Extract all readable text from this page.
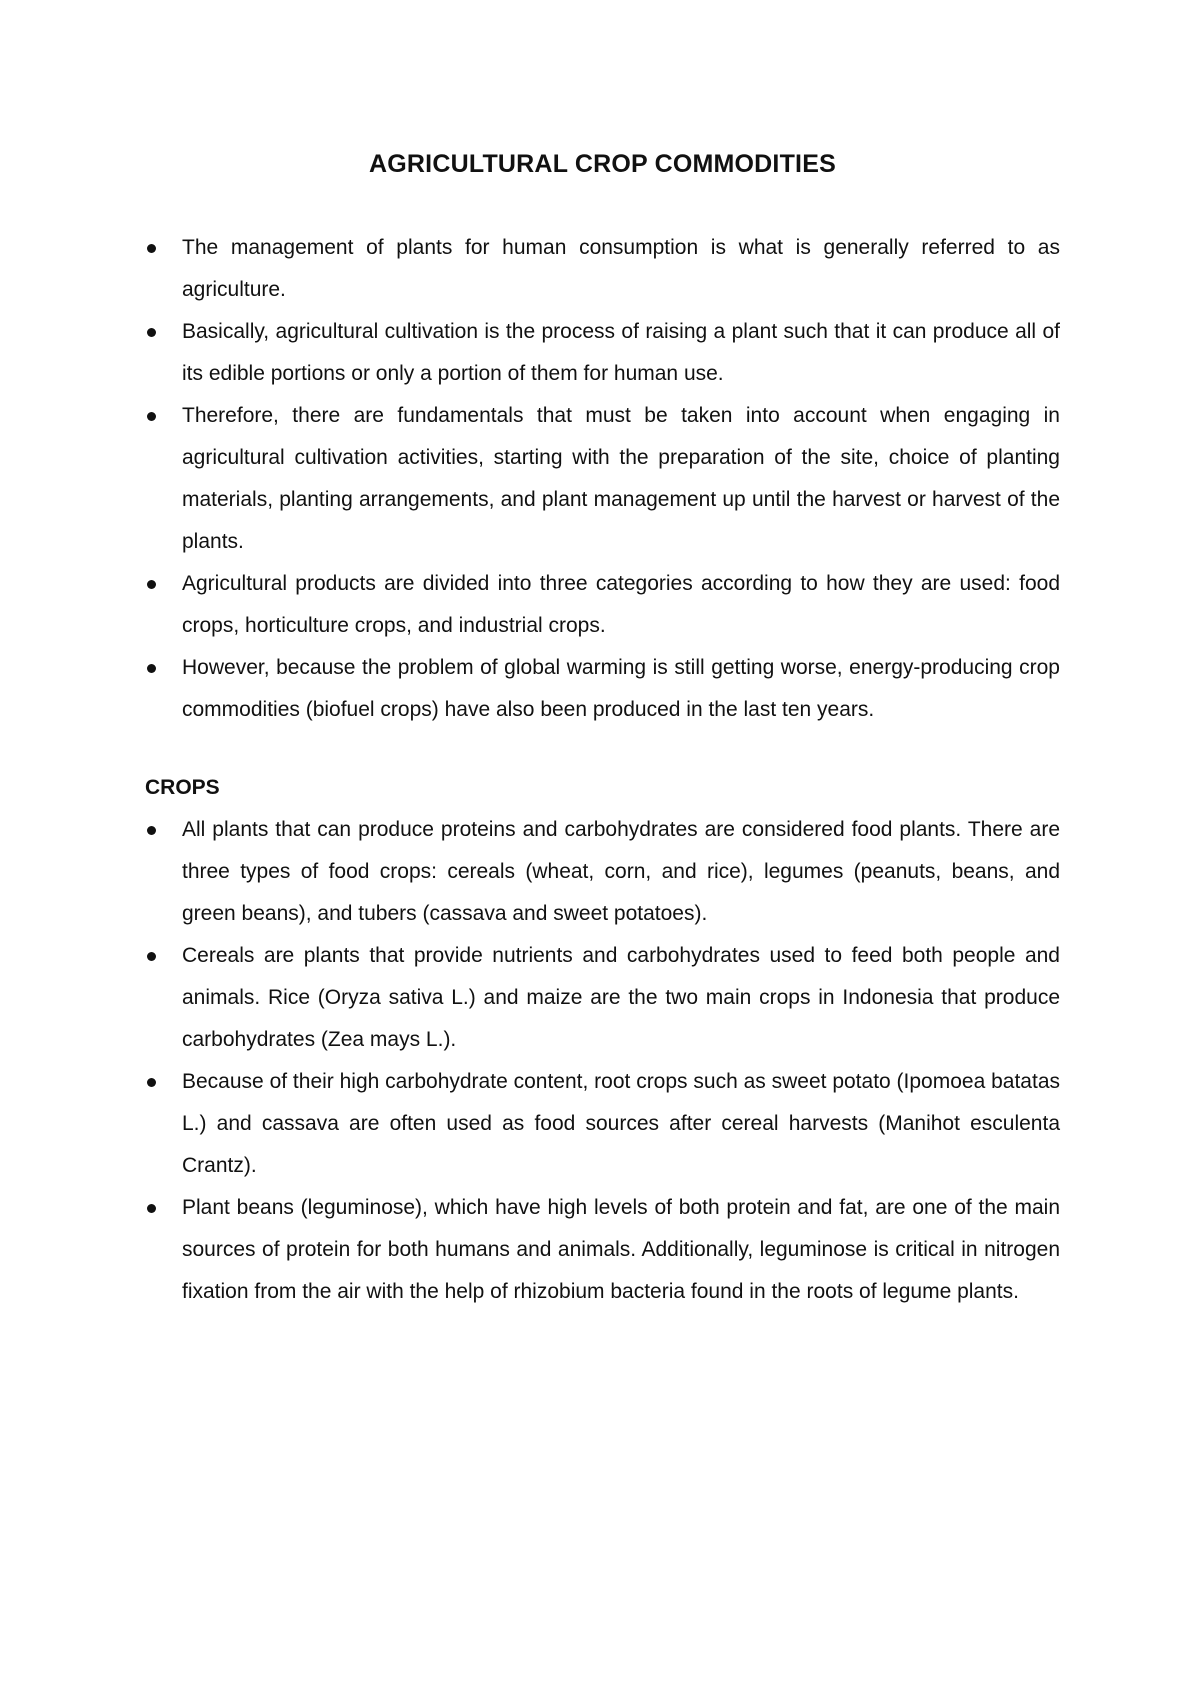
AGRICULTURAL CROP COMMODITIES
The management of plants for human consumption is what is generally referred to as agriculture.
Basically, agricultural cultivation is the process of raising a plant such that it can produce all of its edible portions or only a portion of them for human use.
Therefore, there are fundamentals that must be taken into account when engaging in agricultural cultivation activities, starting with the preparation of the site, choice of planting materials, planting arrangements, and plant management up until the harvest or harvest of the plants.
Agricultural products are divided into three categories according to how they are used: food crops, horticulture crops, and industrial crops.
However, because the problem of global warming is still getting worse, energy-producing crop commodities (biofuel crops) have also been produced in the last ten years.
CROPS
All plants that can produce proteins and carbohydrates are considered food plants. There are three types of food crops: cereals (wheat, corn, and rice), legumes (peanuts, beans, and green beans), and tubers (cassava and sweet potatoes).
Cereals are plants that provide nutrients and carbohydrates used to feed both people and animals. Rice (Oryza sativa L.) and maize are the two main crops in Indonesia that produce carbohydrates (Zea mays L.).
Because of their high carbohydrate content, root crops such as sweet potato (Ipomoea batatas L.) and cassava are often used as food sources after cereal harvests (Manihot esculenta Crantz).
Plant beans (leguminose), which have high levels of both protein and fat, are one of the main sources of protein for both humans and animals. Additionally, leguminose is critical in nitrogen fixation from the air with the help of rhizobium bacteria found in the roots of legume plants.
